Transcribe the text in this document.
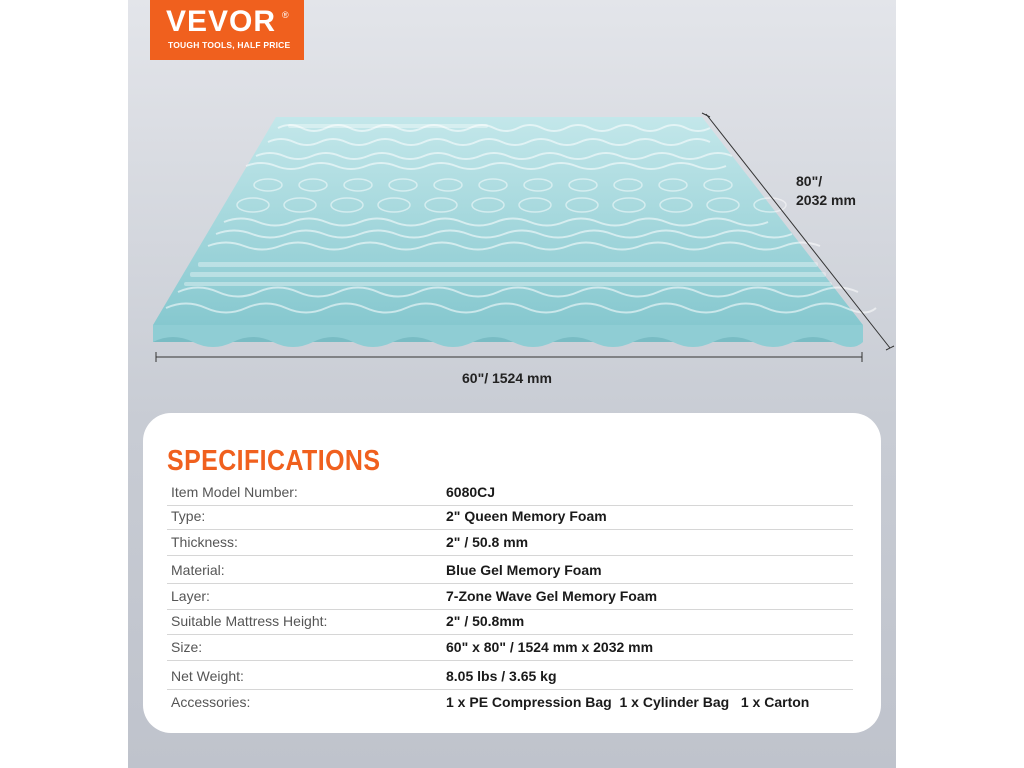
VEVOR ®
TOUGH TOOLS, HALF PRICE
80"/
2032 mm
60"/ 1524 mm
SPECIFICATIONS
Item Model Number:	6080CJ
Type:	2" Queen Memory Foam
Thickness:	2" / 50.8 mm
Material:	Blue Gel Memory Foam
Layer:	7-Zone Wave Gel Memory Foam
Suitable Mattress Height:	2" / 50.8mm
Size:	60" x 80" / 1524 mm x 2032 mm
Net Weight:	8.05 lbs / 3.65 kg
Accessories:	1 x PE Compression Bag  1 x Cylinder Bag   1 x Carton
